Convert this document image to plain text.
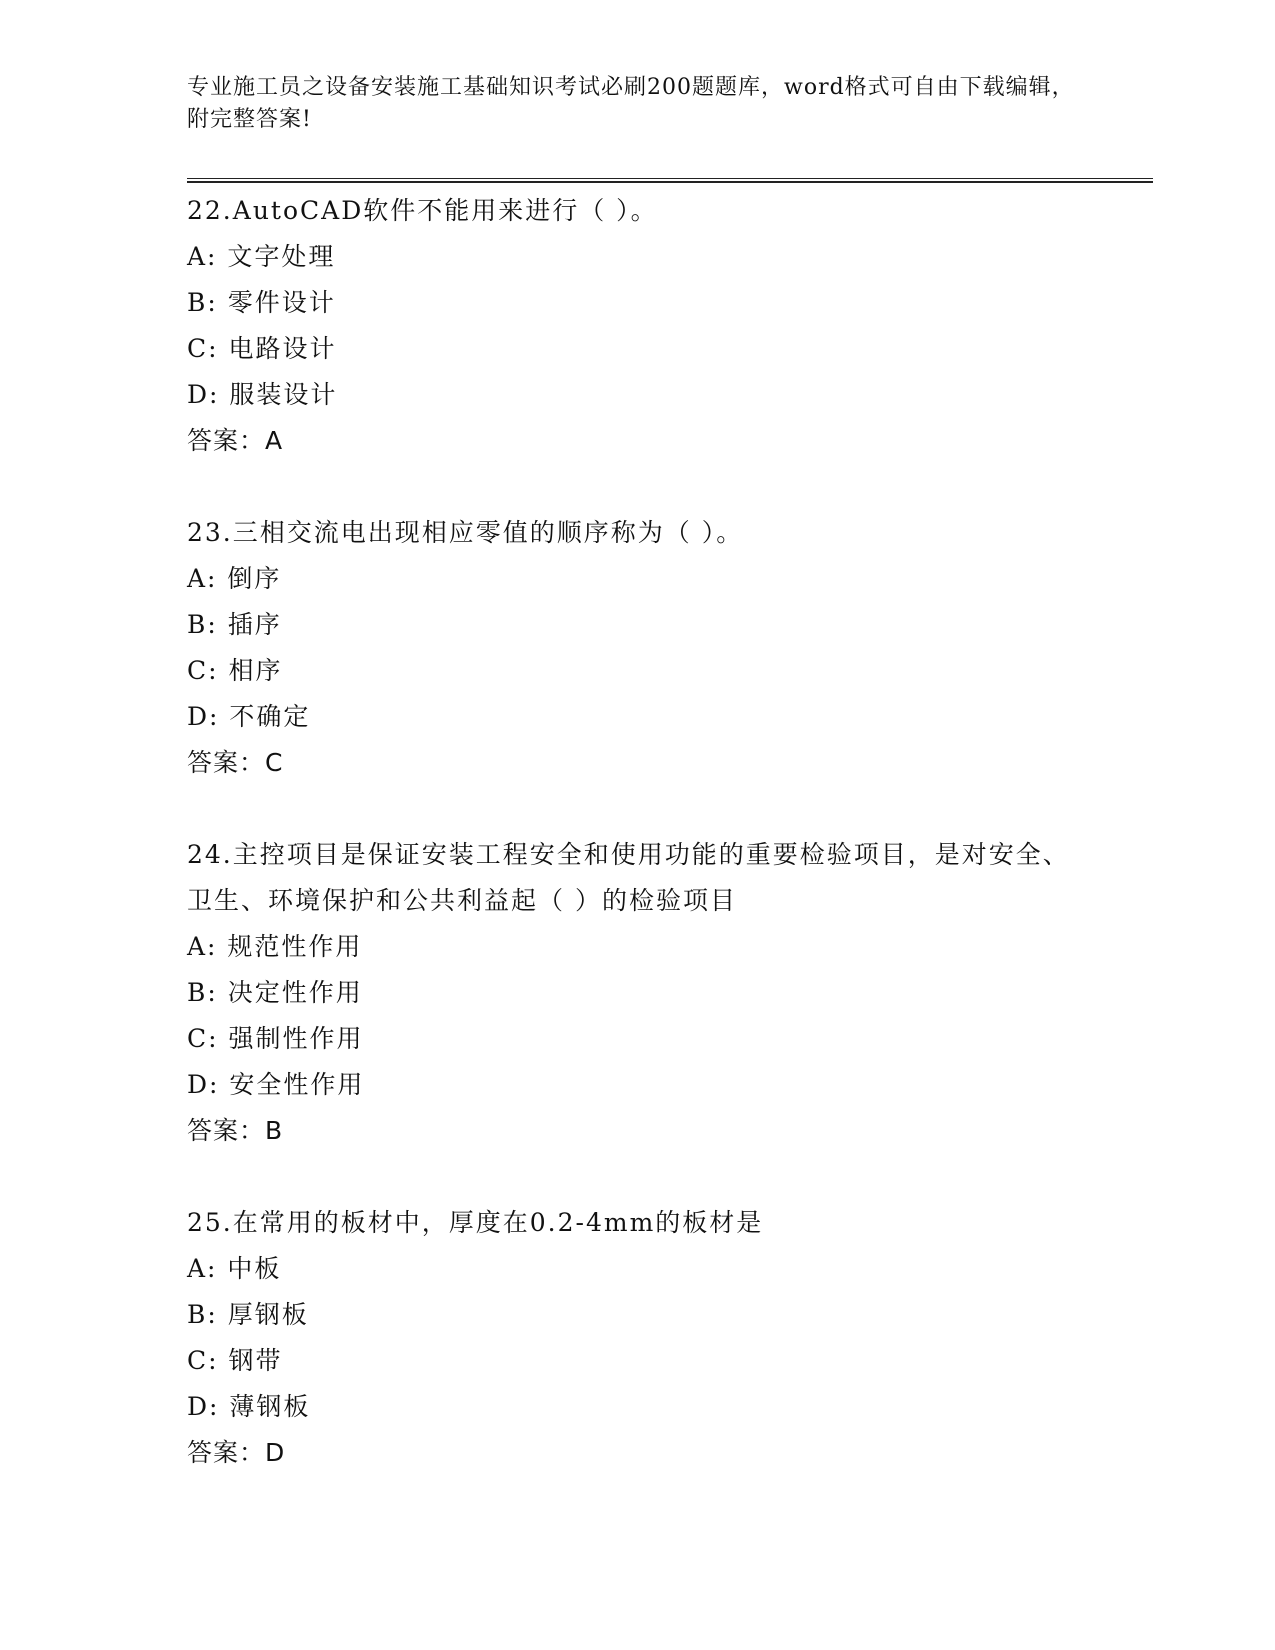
专业施工员之设备安装施工基础知识考试必刷200题题库，word格式可自由下载编辑，附完整答案!

22.AutoCAD软件不能用来进行（ ）。

A: 文字处理

B: 零件设计

C: 电路设计

D: 服装设计

答案：A

23.三相交流电出现相应零值的顺序称为（ ）。

A: 倒序

B: 插序

C: 相序

D: 不确定

答案：C

24.主控项目是保证安装工程安全和使用功能的重要检验项目，是对安全、卫生、环境保护和公共利益起（ ）的检验项目

A: 规范性作用

B: 决定性作用

C: 强制性作用

D: 安全性作用

答案：B

25.在常用的板材中，厚度在0.2-4mm的板材是

A: 中板

B: 厚钢板

C: 钢带

D: 薄钢板

答案：D
